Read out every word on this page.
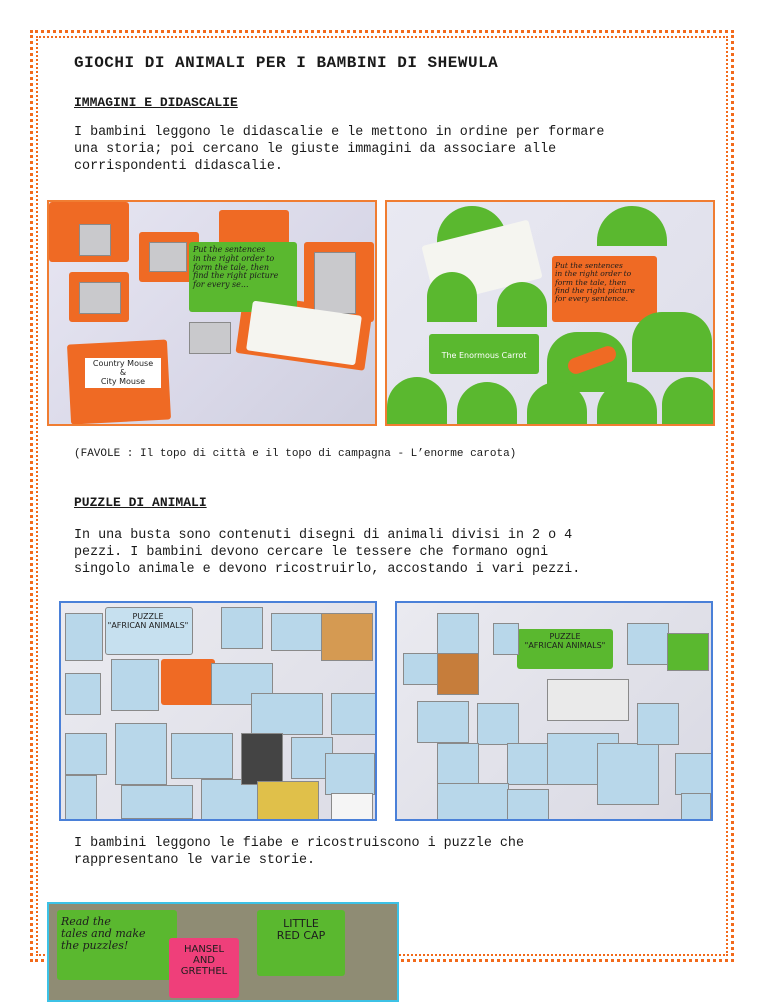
GIOCHI DI ANIMALI PER I BAMBINI DI SHEWULA
IMMAGINI E DIDASCALIE
I bambini leggono le didascalie e le mettono in ordine per formare
una storia; poi cercano le giuste immagini da associare alle
corrispondenti didascalie.
Put the sentences
in the right order to
form the tale, then
find the right picture
for every se...
Country Mouse
&
City Mouse
Put the sentences
in the right order to
form the tale, then
find the right picture
for every sentence.
The Enormous Carrot
(FAVOLE : Il topo di città e il topo di campagna - L’enorme carota)
PUZZLE DI ANIMALI
In una busta sono contenuti disegni di animali divisi in 2 o 4
pezzi. I bambini devono cercare le tessere che formano ogni
singolo animale e devono ricostruirlo, accostando i vari pezzi.
PUZZLE
"AFRICAN ANIMALS"
PUZZLE
"AFRICAN ANIMALS"
I bambini leggono le fiabe e ricostruiscono i puzzle che
rappresentano le varie storie.
Read the
tales and make
the puzzles!
LITTLE
RED CAP
HANSEL
AND
GRETHEL
